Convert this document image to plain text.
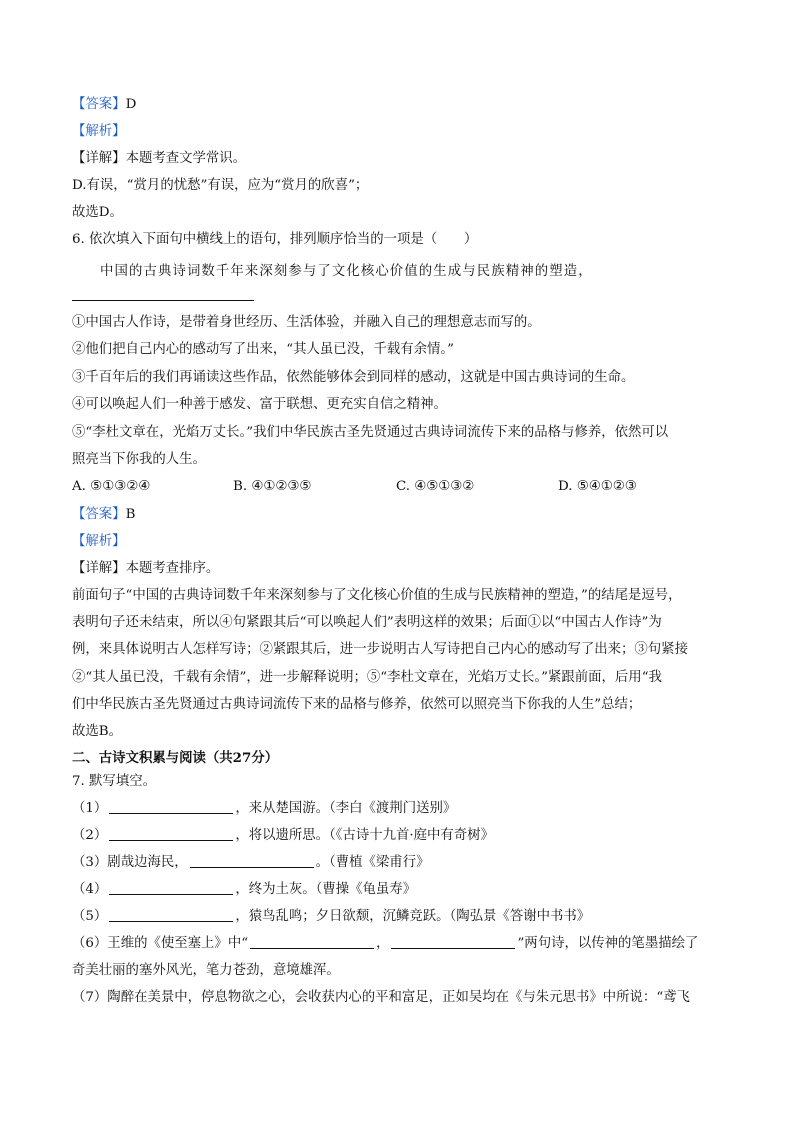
【答案】D
【解析】
【详解】本题考查文学常识。
D.有误，“赏月的忧愁”有误，应为“赏月的欣喜”；
故选D。
6. 依次填入下面句中横线上的语句，排列顺序恰当的一项是（　　）
中国的古典诗词数千年来深刻参与了文化核心价值的生成与民族精神的塑造，
①中国古人作诗，是带着身世经历、生活体验，并融入自己的理想意志而写的。
②他们把自己内心的感动写了出来，“其人虽已没，千载有余情。”
③千百年后的我们再诵读这些作品，依然能够体会到同样的感动，这就是中国古典诗词的生命。
④可以唤起人们一种善于感发、富于联想、更充实自信之精神。
⑤“李杜文章在，光焰万丈长。”我们中华民族古圣先贤通过古典诗词流传下来的品格与修养，依然可以
照亮当下你我的人生。
A. ⑤①③②④	B. ④①②③⑤	C. ④⑤①③②	D. ⑤④①②③
【答案】B
【解析】
【详解】本题考查排序。
前面句子“中国的古典诗词数千年来深刻参与了文化核心价值的生成与民族精神的塑造，”的结尾是逗号，
表明句子还未结束，所以④句紧跟其后“可以唤起人们”表明这样的效果；后面①以“中国古人作诗”为
例，来具体说明古人怎样写诗；②紧跟其后，进一步说明古人写诗把自己内心的感动写了出来；③句紧接
②“其人虽已没，千载有余情”，进一步解释说明；⑤“李杜文章在，光焰万丈长。”紧跟前面，后用“我
们中华民族古圣先贤通过古典诗词流传下来的品格与修养，依然可以照亮当下你我的人生”总结；
故选B。
二、古诗文积累与阅读（共27分）
7. 默写填空。
（1）	，来从楚国游。（李白《渡荆门送别》
（2）	，将以遗所思。（《古诗十九首·庭中有奇树》
（3）剧哉边海民，	。（曹植《梁甫行》
（4）	，终为土灰。（曹操《龟虽寿》
（5）	，猿鸟乱鸣；夕日欲颓，沉鳞竞跃。（陶弘景《答谢中书书》
（6）王维的《使至塞上》中“	，	”两句诗，以传神的笔墨描绘了
奇美壮丽的塞外风光，笔力苍劲，意境雄浑。
（7）陶醉在美景中，停息物欲之心，会收获内心的平和富足，正如吴均在《与朱元思书》中所说：“鸢飞
